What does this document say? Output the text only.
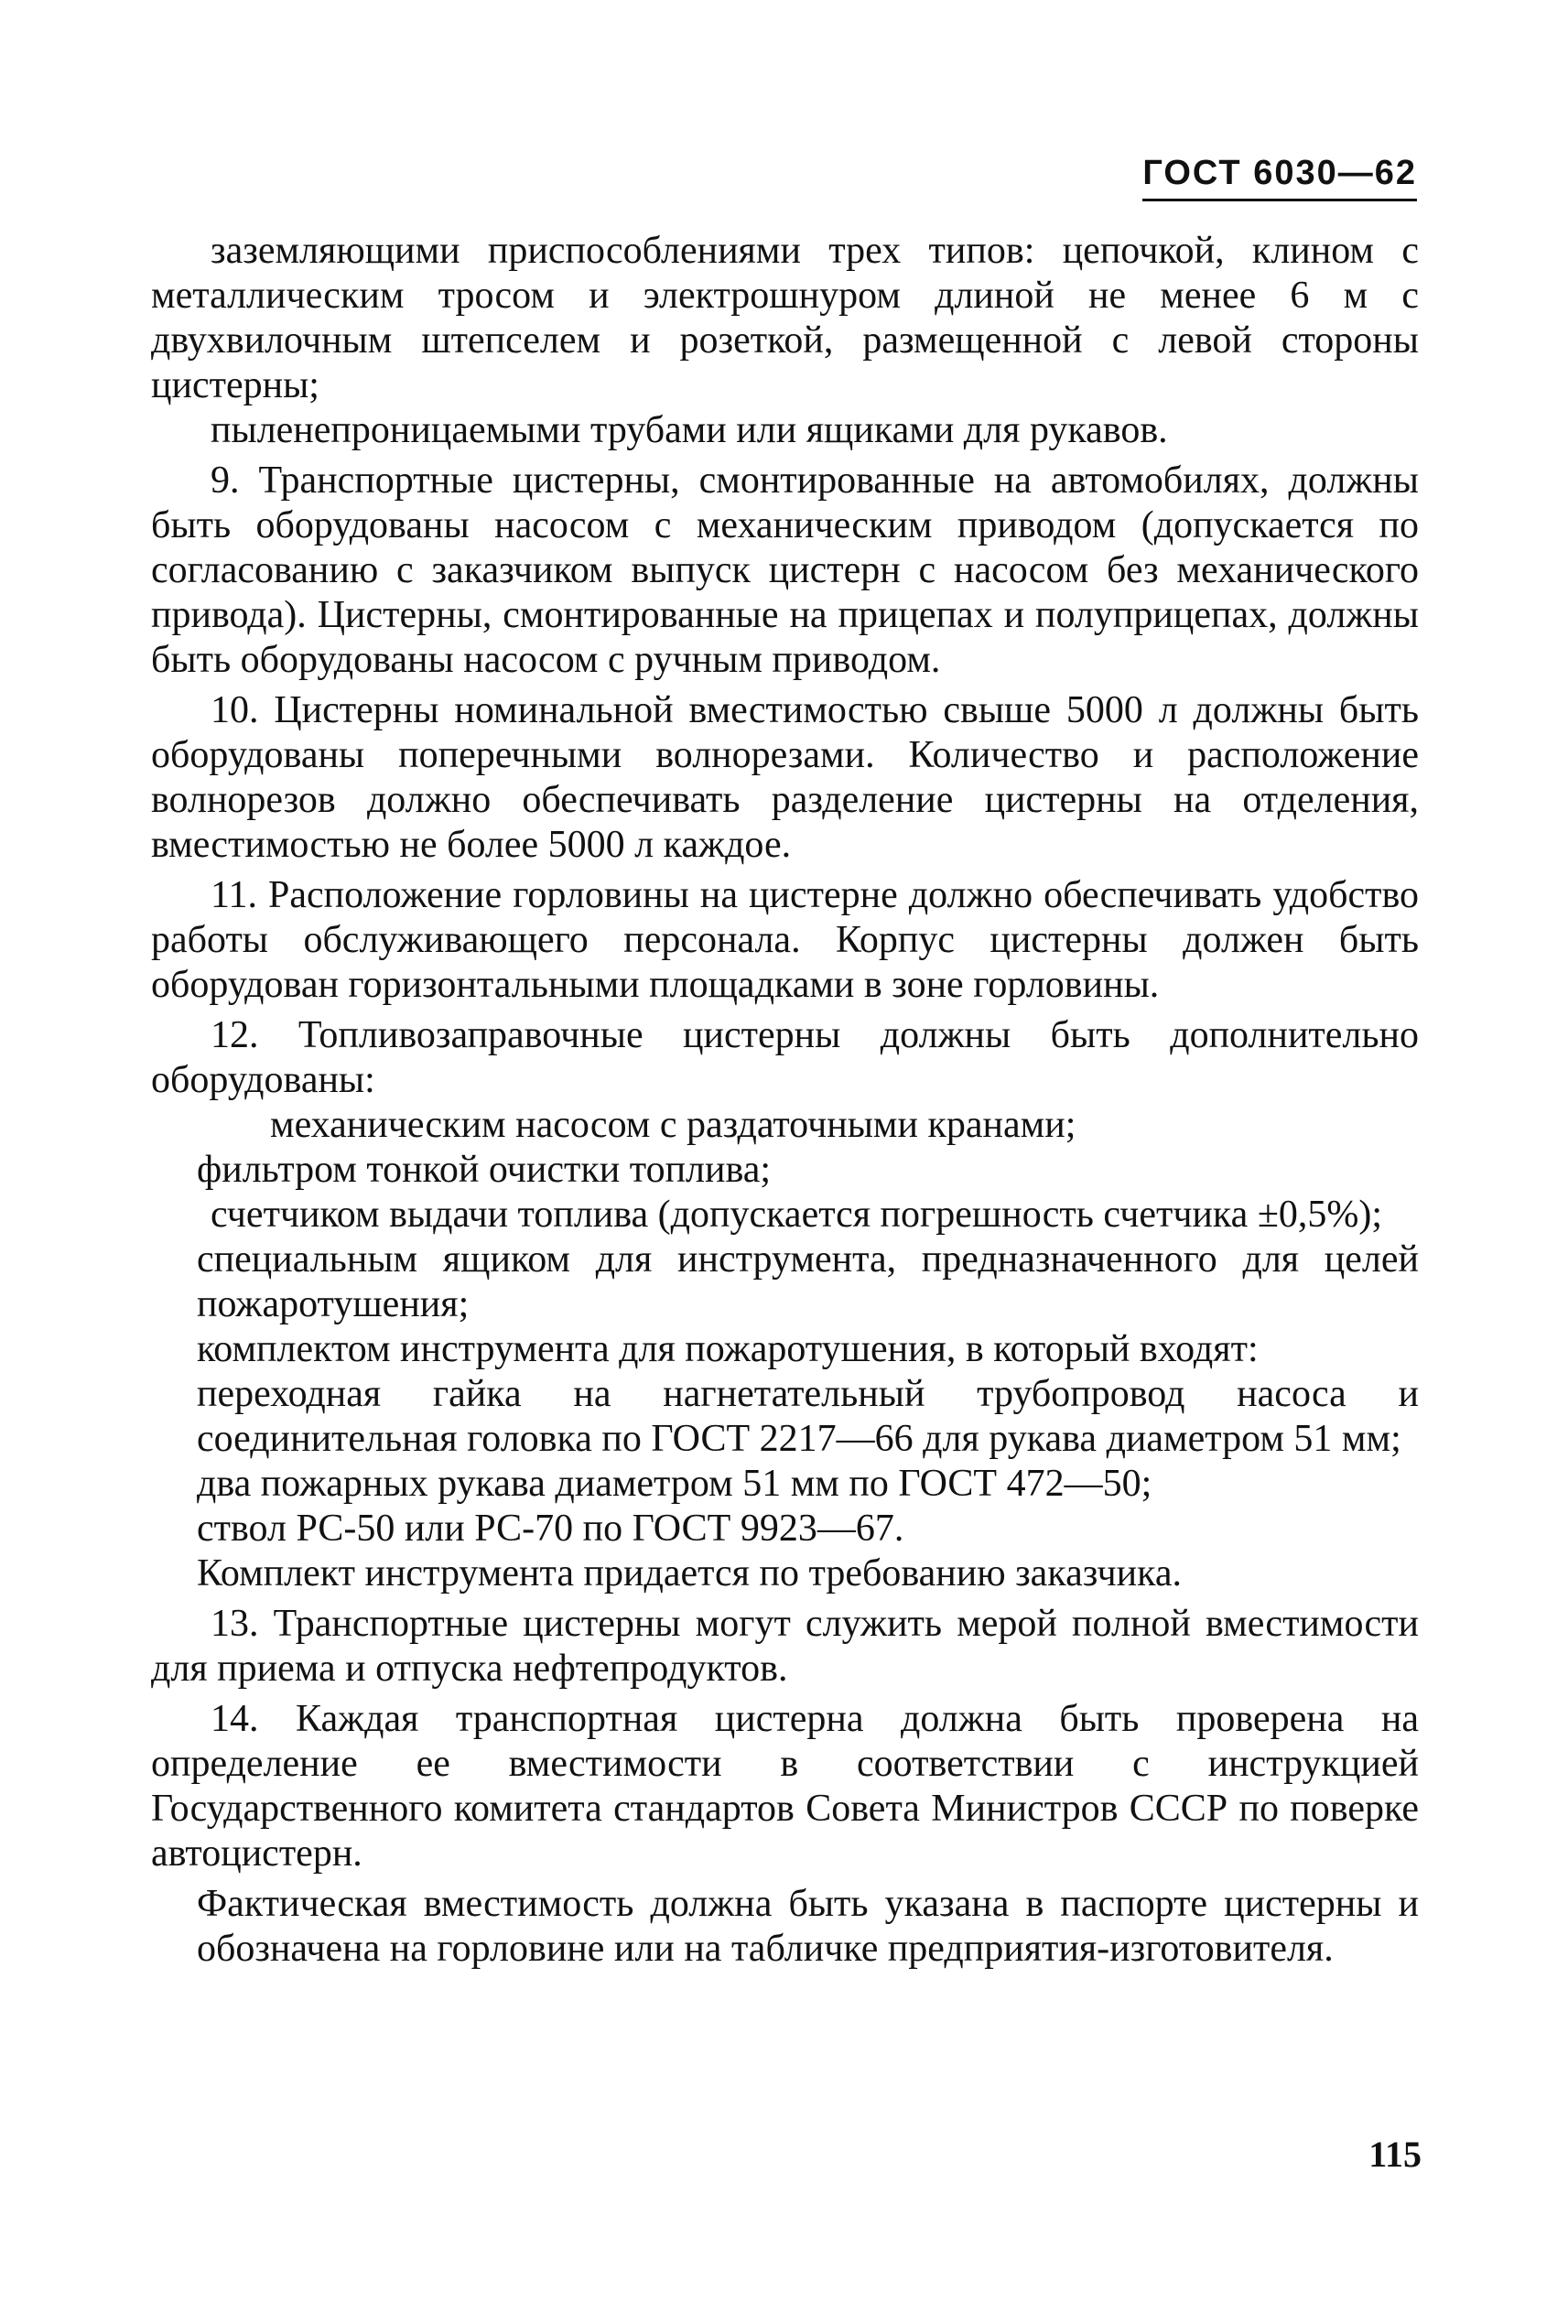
ГОСТ 6030—62

заземляющими приспособлениями трех типов: цепочкой, клином с металлическим тросом и электрошнуром длиной не менее 6 м с двухвилочным штепселем и розеткой, размещенной с левой стороны цистерны;

пыленепроницаемыми трубами или ящиками для рукавов.

9. Транспортные цистерны, смонтированные на автомобилях, должны быть оборудованы насосом с механическим приводом (допускается по согласованию с заказчиком выпуск цистерн с насосом без механического привода). Цистерны, смонтированные на прицепах и полуприцепах, должны быть оборудованы насосом с ручным приводом.

10. Цистерны номинальной вместимостью свыше 5000 л должны быть оборудованы поперечными волнорезами. Количество и расположение волнорезов должно обеспечивать разделение цистерны на отделения, вместимостью не более 5000 л каждое.

11. Расположение горловины на цистерне должно обеспечивать удобство работы обслуживающего персонала. Корпус цистерны должен быть оборудован горизонтальными площадками в зоне горловины.

12. Топливозаправочные цистерны должны быть дополнительно оборудованы:

механическим насосом с раздаточными кранами;

фильтром тонкой очистки топлива;

счетчиком выдачи топлива (допускается погрешность счетчика ±0,5%);

специальным ящиком для инструмента, предназначенного для целей пожаротушения;

комплектом инструмента для пожаротушения, в который входят:

переходная гайка на нагнетательный трубопровод насоса и соединительная головка по ГОСТ 2217—66 для рукава диаметром 51 мм;

два пожарных рукава диаметром 51 мм по ГОСТ 472—50;

ствол РС-50 или РС-70 по ГОСТ 9923—67.

Комплект инструмента придается по требованию заказчика.

13. Транспортные цистерны могут служить мерой полной вместимости для приема и отпуска нефтепродуктов.

14. Каждая транспортная цистерна должна быть проверена на определение ее вместимости в соответствии с инструкцией Государственного комитета стандартов Совета Министров СССР по поверке автоцистерн.

Фактическая вместимость должна быть указана в паспорте цистерны и обозначена на горловине или на табличке предприятия-изготовителя.

115
